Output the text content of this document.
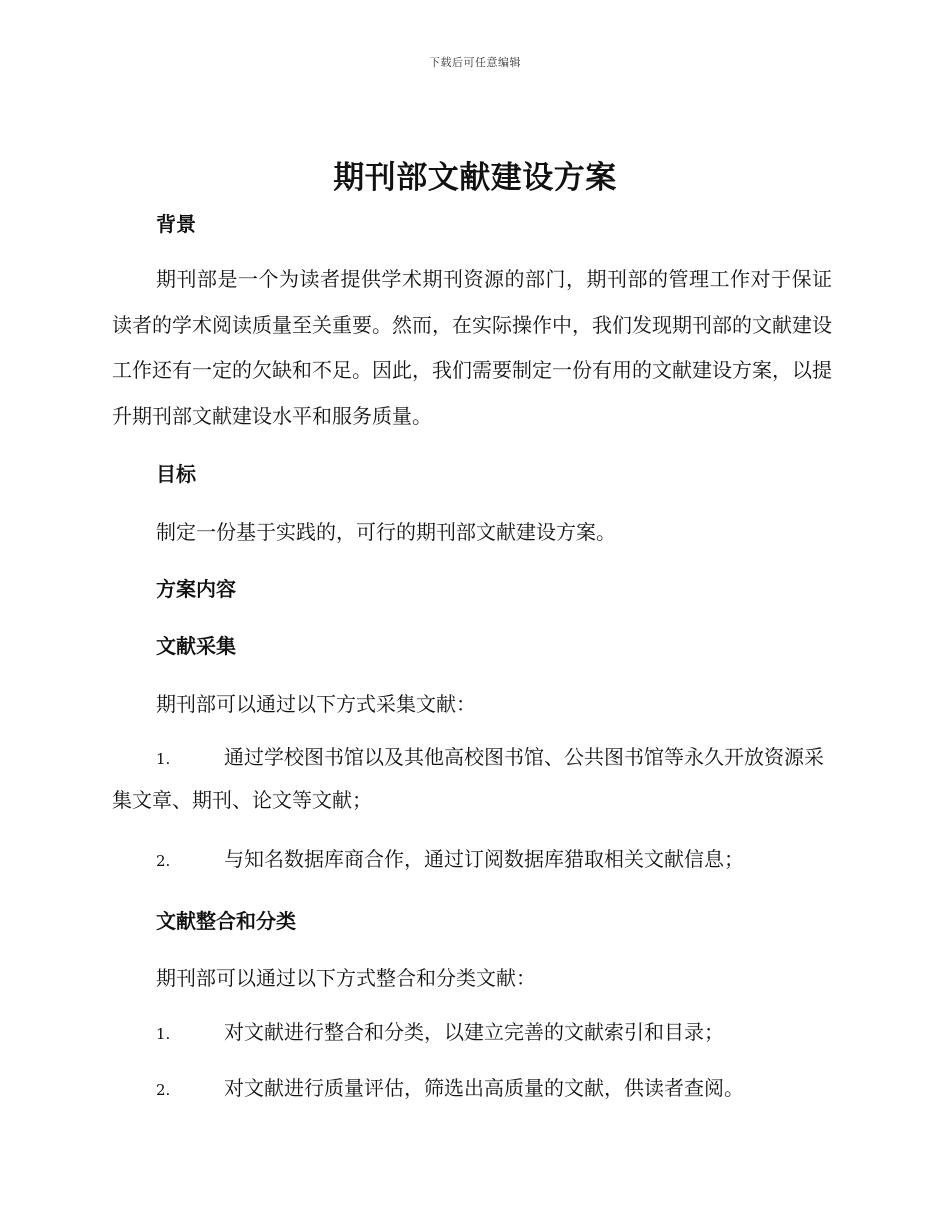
下载后可任意编辑
期刊部文献建设方案
背景
期刊部是一个为读者提供学术期刊资源的部门，期刊部的管理工作对于保证读者的学术阅读质量至关重要。然而，在实际操作中，我们发现期刊部的文献建设工作还有一定的欠缺和不足。因此，我们需要制定一份有用的文献建设方案，以提升期刊部文献建设水平和服务质量。
目标
制定一份基于实践的，可行的期刊部文献建设方案。
方案内容
文献采集
期刊部可以通过以下方式采集文献：
1.	通过学校图书馆以及其他高校图书馆、公共图书馆等永久开放资源采集文章、期刊、论文等文献；
2.	与知名数据库商合作，通过订阅数据库猎取相关文献信息；
文献整合和分类
期刊部可以通过以下方式整合和分类文献：
1.	对文献进行整合和分类，以建立完善的文献索引和目录；
2.	对文献进行质量评估，筛选出高质量的文献，供读者查阅。
